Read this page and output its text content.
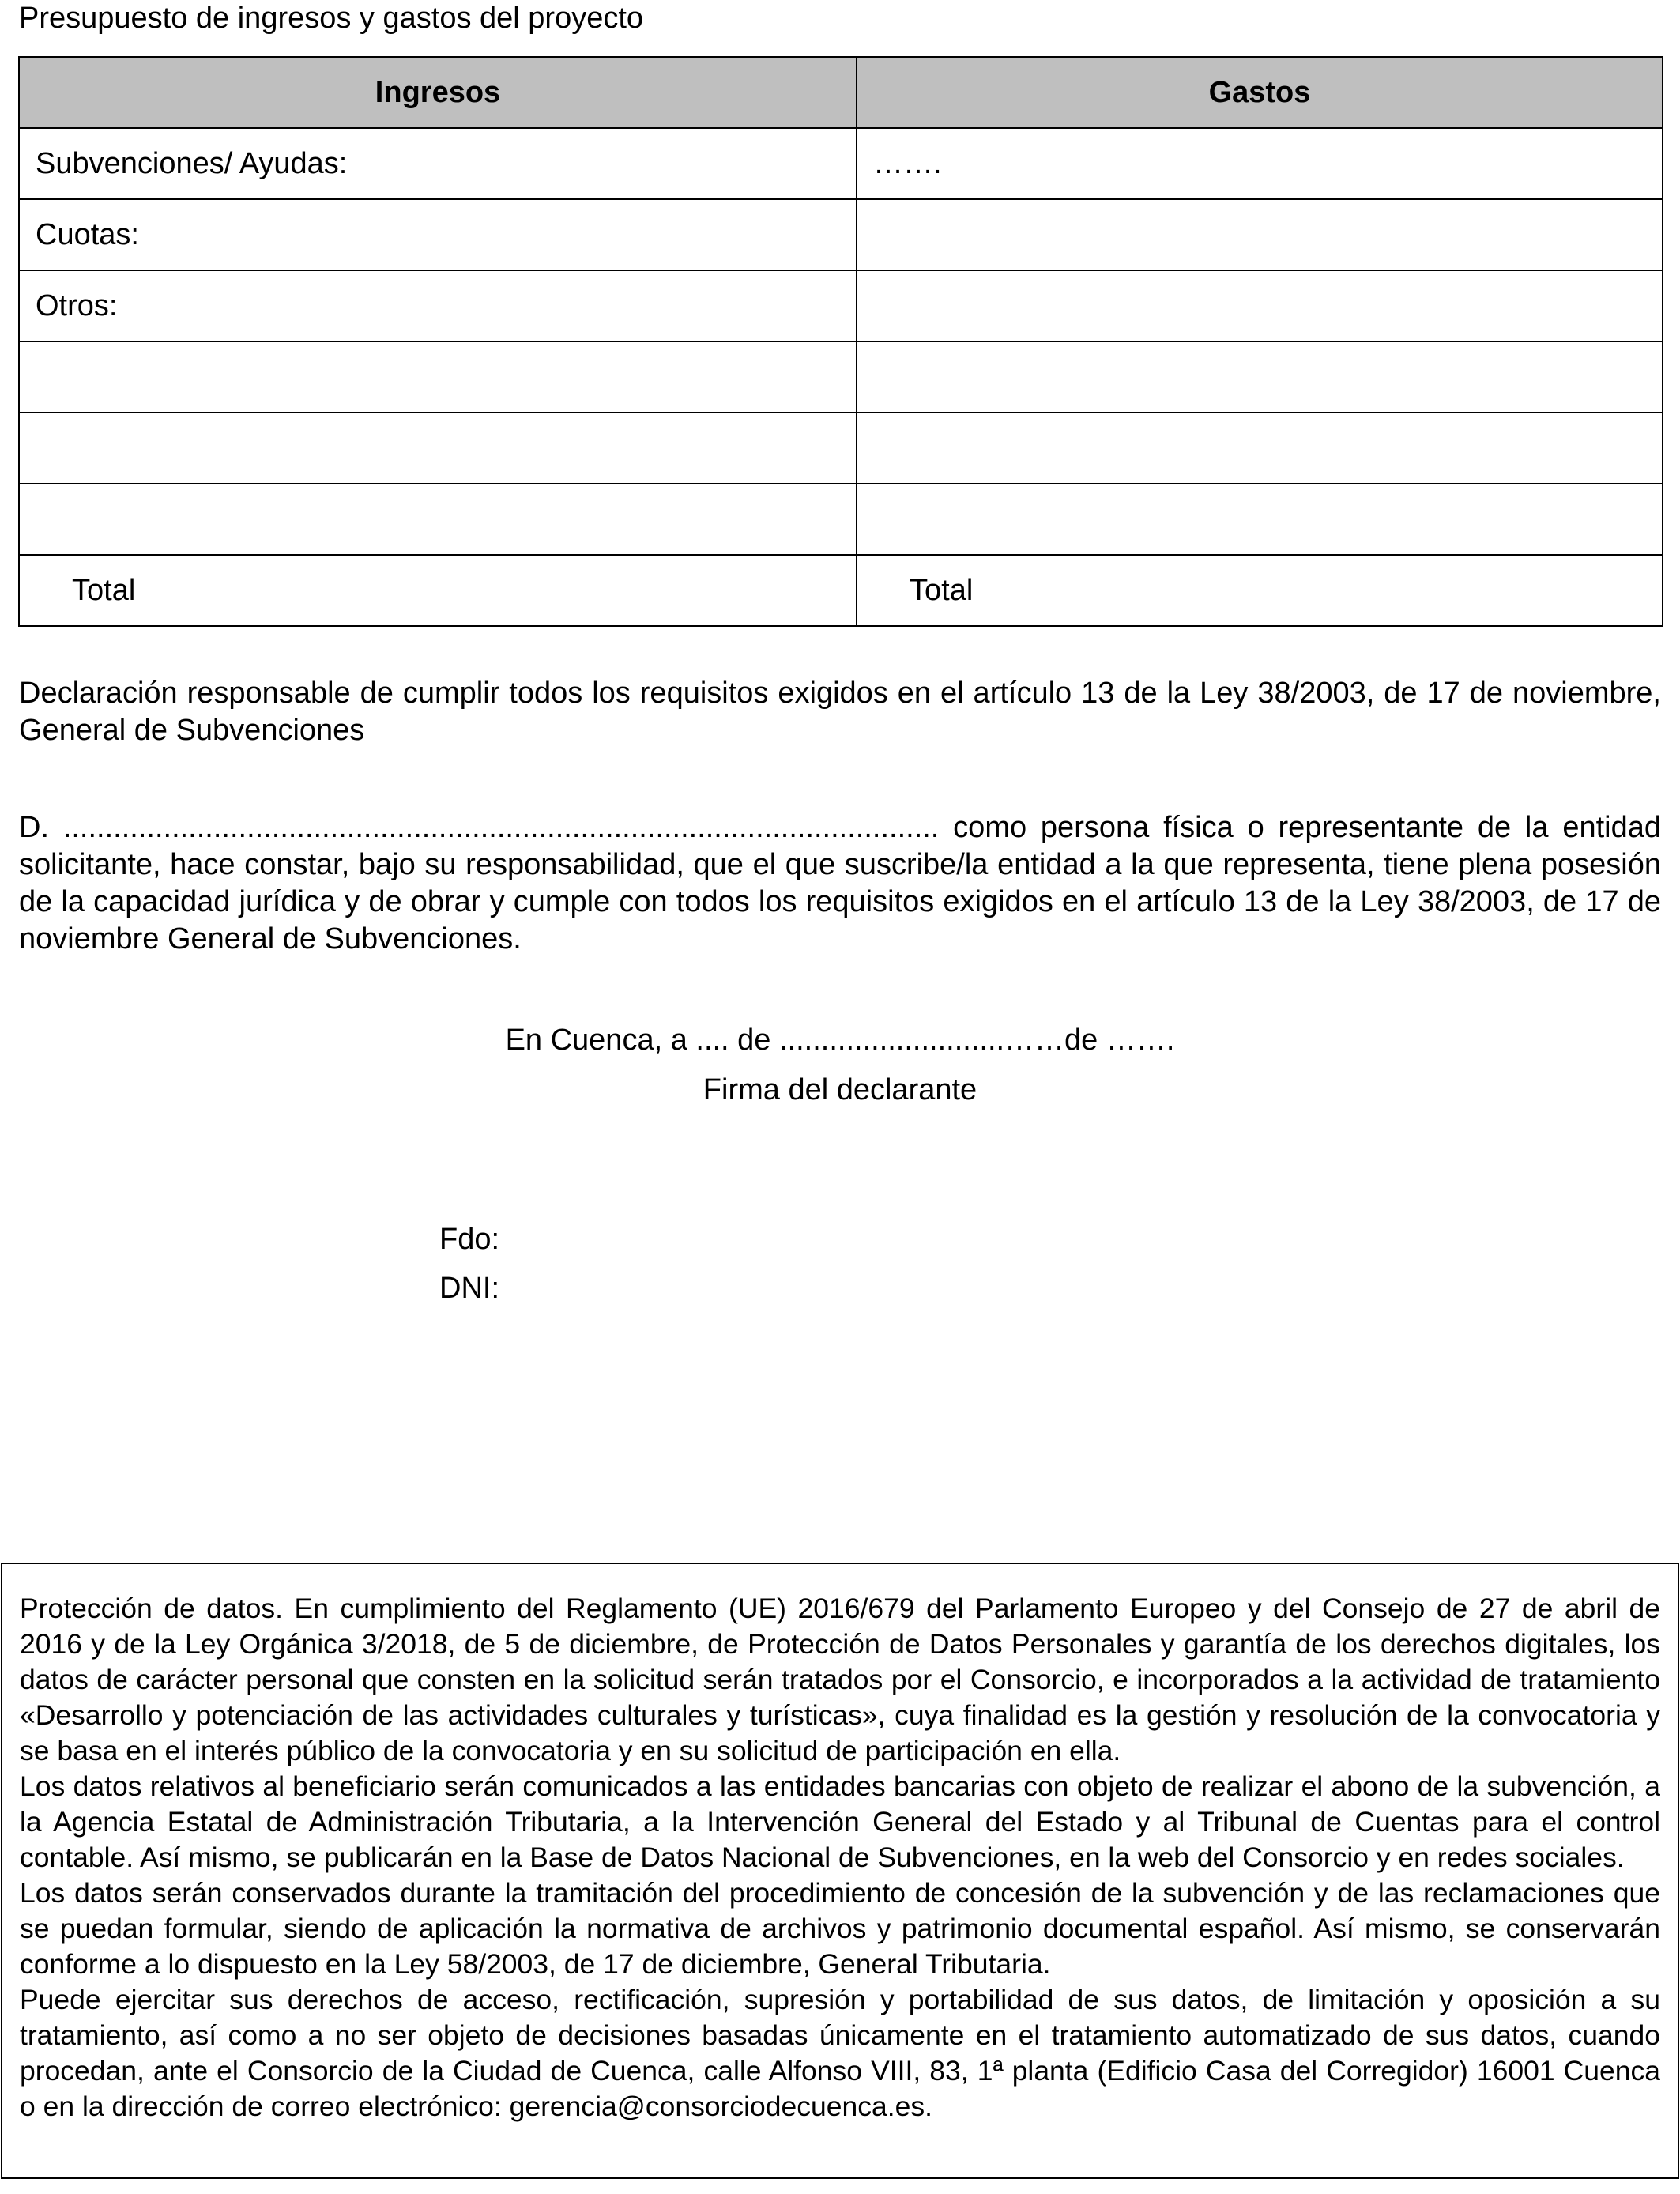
Presupuesto de ingresos y gastos del proyecto
Ingresos	Gastos
Subvenciones/ Ayudas:	…….
Cuotas:	
Otros:	

Total	Total
Declaración responsable de cumplir todos los requisitos exigidos en el artículo 13 de la Ley 38/2003, de 17 de noviembre, General de Subvenciones
D. ......................................................................................................... como persona física o representante de la entidad solicitante, hace constar, bajo su responsabilidad, que el que suscribe/la entidad a la que representa, tiene plena posesión de la capacidad jurídica y de obrar y cumple con todos los requisitos exigidos en el artículo 13 de la Ley 38/2003, de 17 de noviembre General de Subvenciones.
En Cuenca, a .... de ...........................……de …….
Firma del declarante
Fdo:
DNI:

Protección de datos. En cumplimiento del Reglamento (UE) 2016/679 del Parlamento Europeo y del Consejo de 27 de abril de 2016 y de la Ley Orgánica 3/2018, de 5 de diciembre, de Protección de Datos Personales y garantía de los derechos digitales, los datos de carácter personal que consten en la solicitud serán tratados por el Consorcio, e incorporados a la actividad de tratamiento «Desarrollo y potenciación de las actividades culturales y turísticas», cuya finalidad es la gestión y resolución de la convocatoria y se basa en el interés público de la convocatoria y en su solicitud de participación en ella.

Los datos relativos al beneficiario serán comunicados a las entidades bancarias con objeto de realizar el abono de la subvención, a la Agencia Estatal de Administración Tributaria, a la Intervención General del Estado y al Tribunal de Cuentas para el control contable. Así mismo, se publicarán en la Base de Datos Nacional de Subvenciones, en la web del Consorcio y en redes sociales.

Los datos serán conservados durante la tramitación del procedimiento de concesión de la subvención y de las reclamaciones que se puedan formular, siendo de aplicación la normativa de archivos y patrimonio documental español. Así mismo, se conservarán conforme a lo dispuesto en la Ley 58/2003, de 17 de diciembre, General Tributaria.

Puede ejercitar sus derechos de acceso, rectificación, supresión y portabilidad de sus datos, de limitación y oposición a su tratamiento, así como a no ser objeto de decisiones basadas únicamente en el tratamiento automatizado de sus datos, cuando procedan, ante el Consorcio de la Ciudad de Cuenca, calle Alfonso VIII, 83, 1ª planta (Edificio Casa del Corregidor) 16001 Cuenca o en la dirección de correo electrónico: gerencia@consorciodecuenca.es.
